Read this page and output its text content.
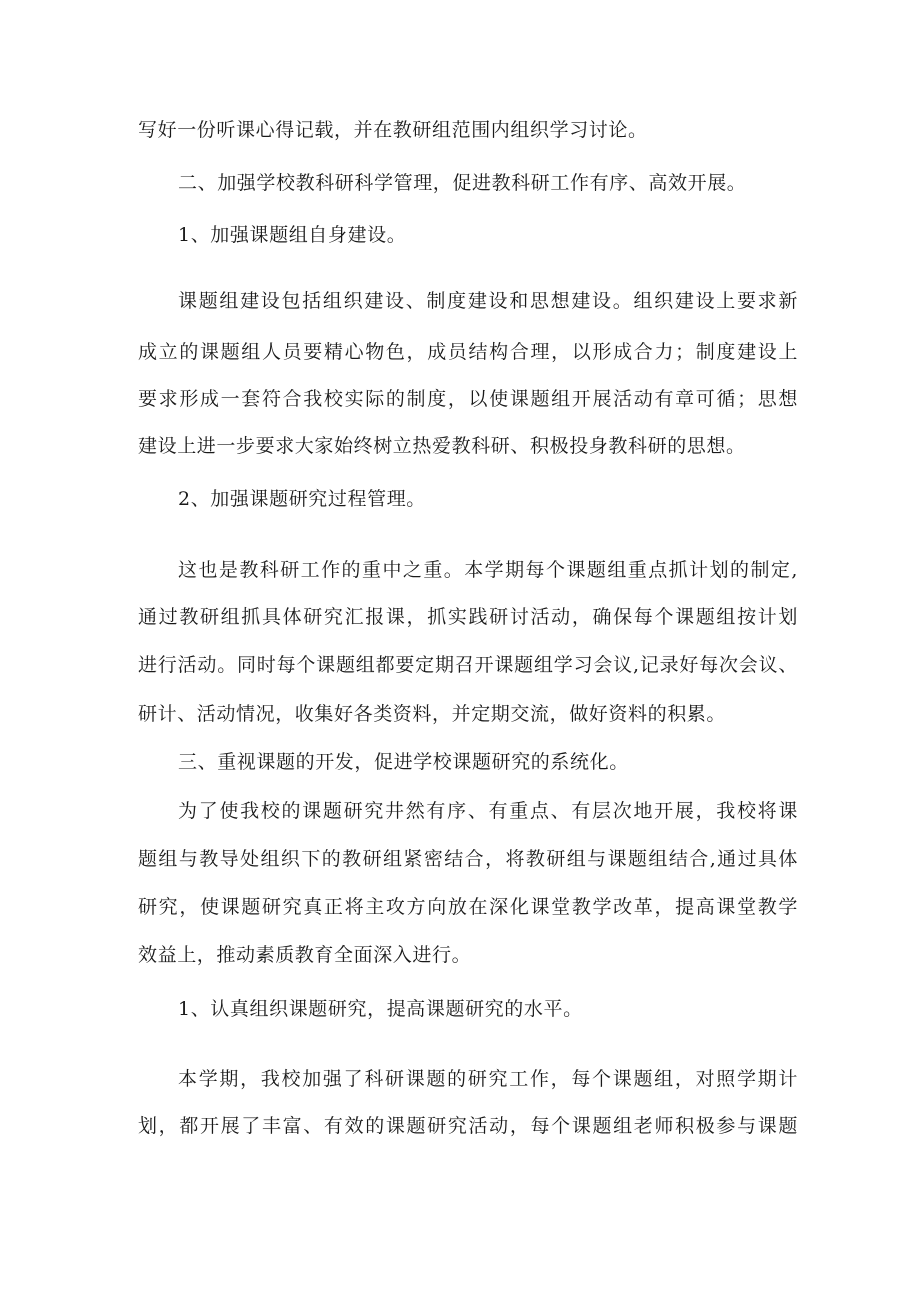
写好一份听课心得记载，并在教研组范围内组织学习讨论。
二、加强学校教科研科学管理，促进教科研工作有序、高效开展。
1、加强课题组自身建设。
课题组建设包括组织建设、制度建设和思想建设。组织建设上要求新
成立的课题组人员要精心物色，成员结构合理，以形成合力；制度建设上
要求形成一套符合我校实际的制度，以使课题组开展活动有章可循；思想
建设上进一步要求大家始终树立热爱教科研、积极投身教科研的思想。
2、加强课题研究过程管理。
这也是教科研工作的重中之重。本学期每个课题组重点抓计划的制定,
通过教研组抓具体研究汇报课，抓实践研讨活动，确保每个课题组按计划
进行活动。同时每个课题组都要定期召开课题组学习会议,记录好每次会议、
研计、活动情况，收集好各类资料，并定期交流，做好资料的积累。
三、重视课题的开发，促进学校课题研究的系统化。
为了使我校的课题研究井然有序、有重点、有层次地开展，我校将课
题组与教导处组织下的教研组紧密结合，将教研组与课题组结合,通过具体
研究，使课题研究真正将主攻方向放在深化课堂教学改革，提高课堂教学
效益上，推动素质教育全面深入进行。
1、认真组织课题研究，提高课题研究的水平。
本学期，我校加强了科研课题的研究工作，每个课题组，对照学期计
划，都开展了丰富、有效的课题研究活动，每个课题组老师积极参与课题
